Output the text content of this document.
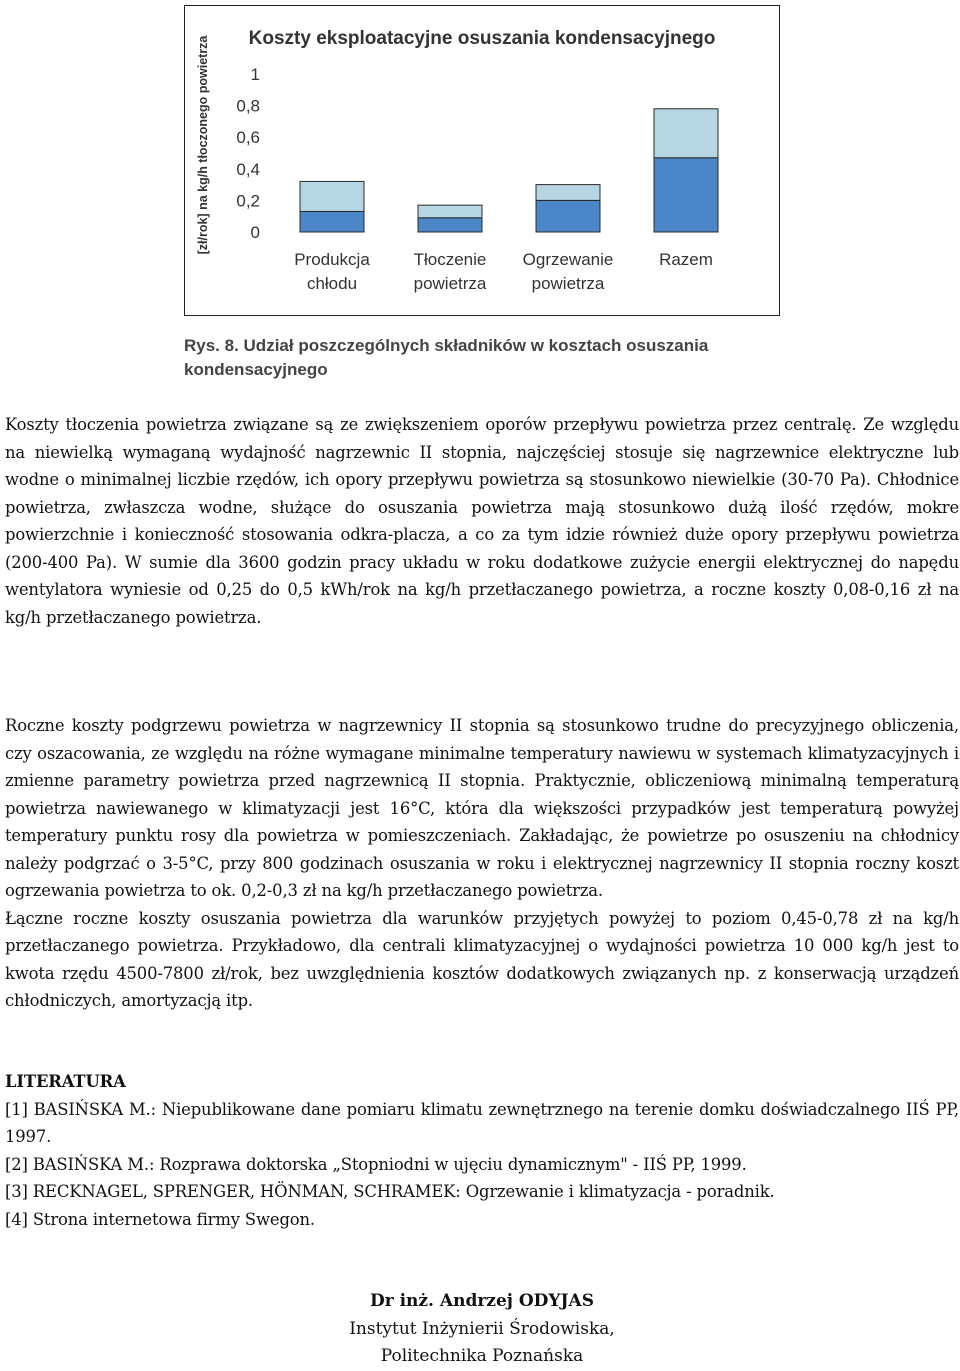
Koszty eksploatacyjne osuszania kondensacyjnego
[zł/rok] na kg/h tłoczonego powietrza 1
0,8
0,6
0,4
0,2
0
Produkcja
chłodu
Tłoczenie
powietrza
Ogrzewanie
powietrza
Razem
Rys. 8. Udział poszczególnych składników w kosztach osuszania kondensacyjnego

Koszty tłoczenia powietrza związane są ze zwiększeniem oporów przepływu powietrza przez centralę. Ze względu na niewielką wymaganą wydajność nagrzewnic II stopnia, najczęściej stosuje się nagrzewnice elektryczne lub wodne o minimalnej liczbie rzędów, ich opory przepływu powietrza są stosunkowo niewielkie (30-70 Pa). Chłodnice powietrza, zwłaszcza wodne, służące do osuszania powietrza mają stosunkowo dużą ilość rzędów, mokre powierzchnie i konieczność stosowania odkra-placza, a co za tym idzie również duże opory przepływu powietrza (200-400 Pa). W sumie dla 3600 godzin pracy układu w roku dodatkowe zużycie energii elektrycznej do napędu wentylatora wyniesie od 0,25 do 0,5 kWh/rok na kg/h przetłaczanego powietrza, a roczne koszty 0,08-0,16 zł na kg/h przetłaczanego powietrza.

Roczne koszty podgrzewu powietrza w nagrzewnicy II stopnia są stosunkowo trudne do precyzyjnego obliczenia, czy oszacowania, ze względu na różne wymagane minimalne temperatury nawiewu w systemach klimatyzacyjnych i zmienne parametry powietrza przed nagrzewnicą II stopnia. Praktycznie, obliczeniową minimalną temperaturą powietrza nawiewanego w klimatyzacji jest 16°C, która dla większości przypadków jest temperaturą powyżej temperatury punktu rosy dla powietrza w pomieszczeniach. Zakładając, że powietrze po osuszeniu na chłodnicy należy podgrzać o 3-5°C, przy 800 godzinach osuszania w roku i elektrycznej nagrzewnicy II stopnia roczny koszt ogrzewania powietrza to ok. 0,2-0,3 zł na kg/h przetłaczanego powietrza.

Łączne roczne koszty osuszania powietrza dla warunków przyjętych powyżej to poziom 0,45-0,78 zł na kg/h przetłaczanego powietrza. Przykładowo, dla centrali klimatyzacyjnej o wydajności powietrza 10 000 kg/h jest to kwota rzędu 4500-7800 zł/rok, bez uwzględnienia kosztów dodatkowych związanych np. z konserwacją urządzeń chłodniczych, amortyzacją itp.

LITERATURA

[1] BASIŃSKA M.: Niepublikowane dane pomiaru klimatu zewnętrznego na terenie domku doświadczalnego IIŚ PP, 1997.

[2] BASIŃSKA M.: Rozprawa doktorska „Stopniodni w ujęciu dynamicznym" - IIŚ PP, 1999.

[3] RECKNAGEL, SPRENGER, HÖNMAN, SCHRAMEK: Ogrzewanie i klimatyzacja - poradnik.

[4] Strona internetowa firmy Swegon.

Dr inż. Andrzej ODYJAS
Instytut Inżynierii Środowiska,
Politechnika Poznańska
